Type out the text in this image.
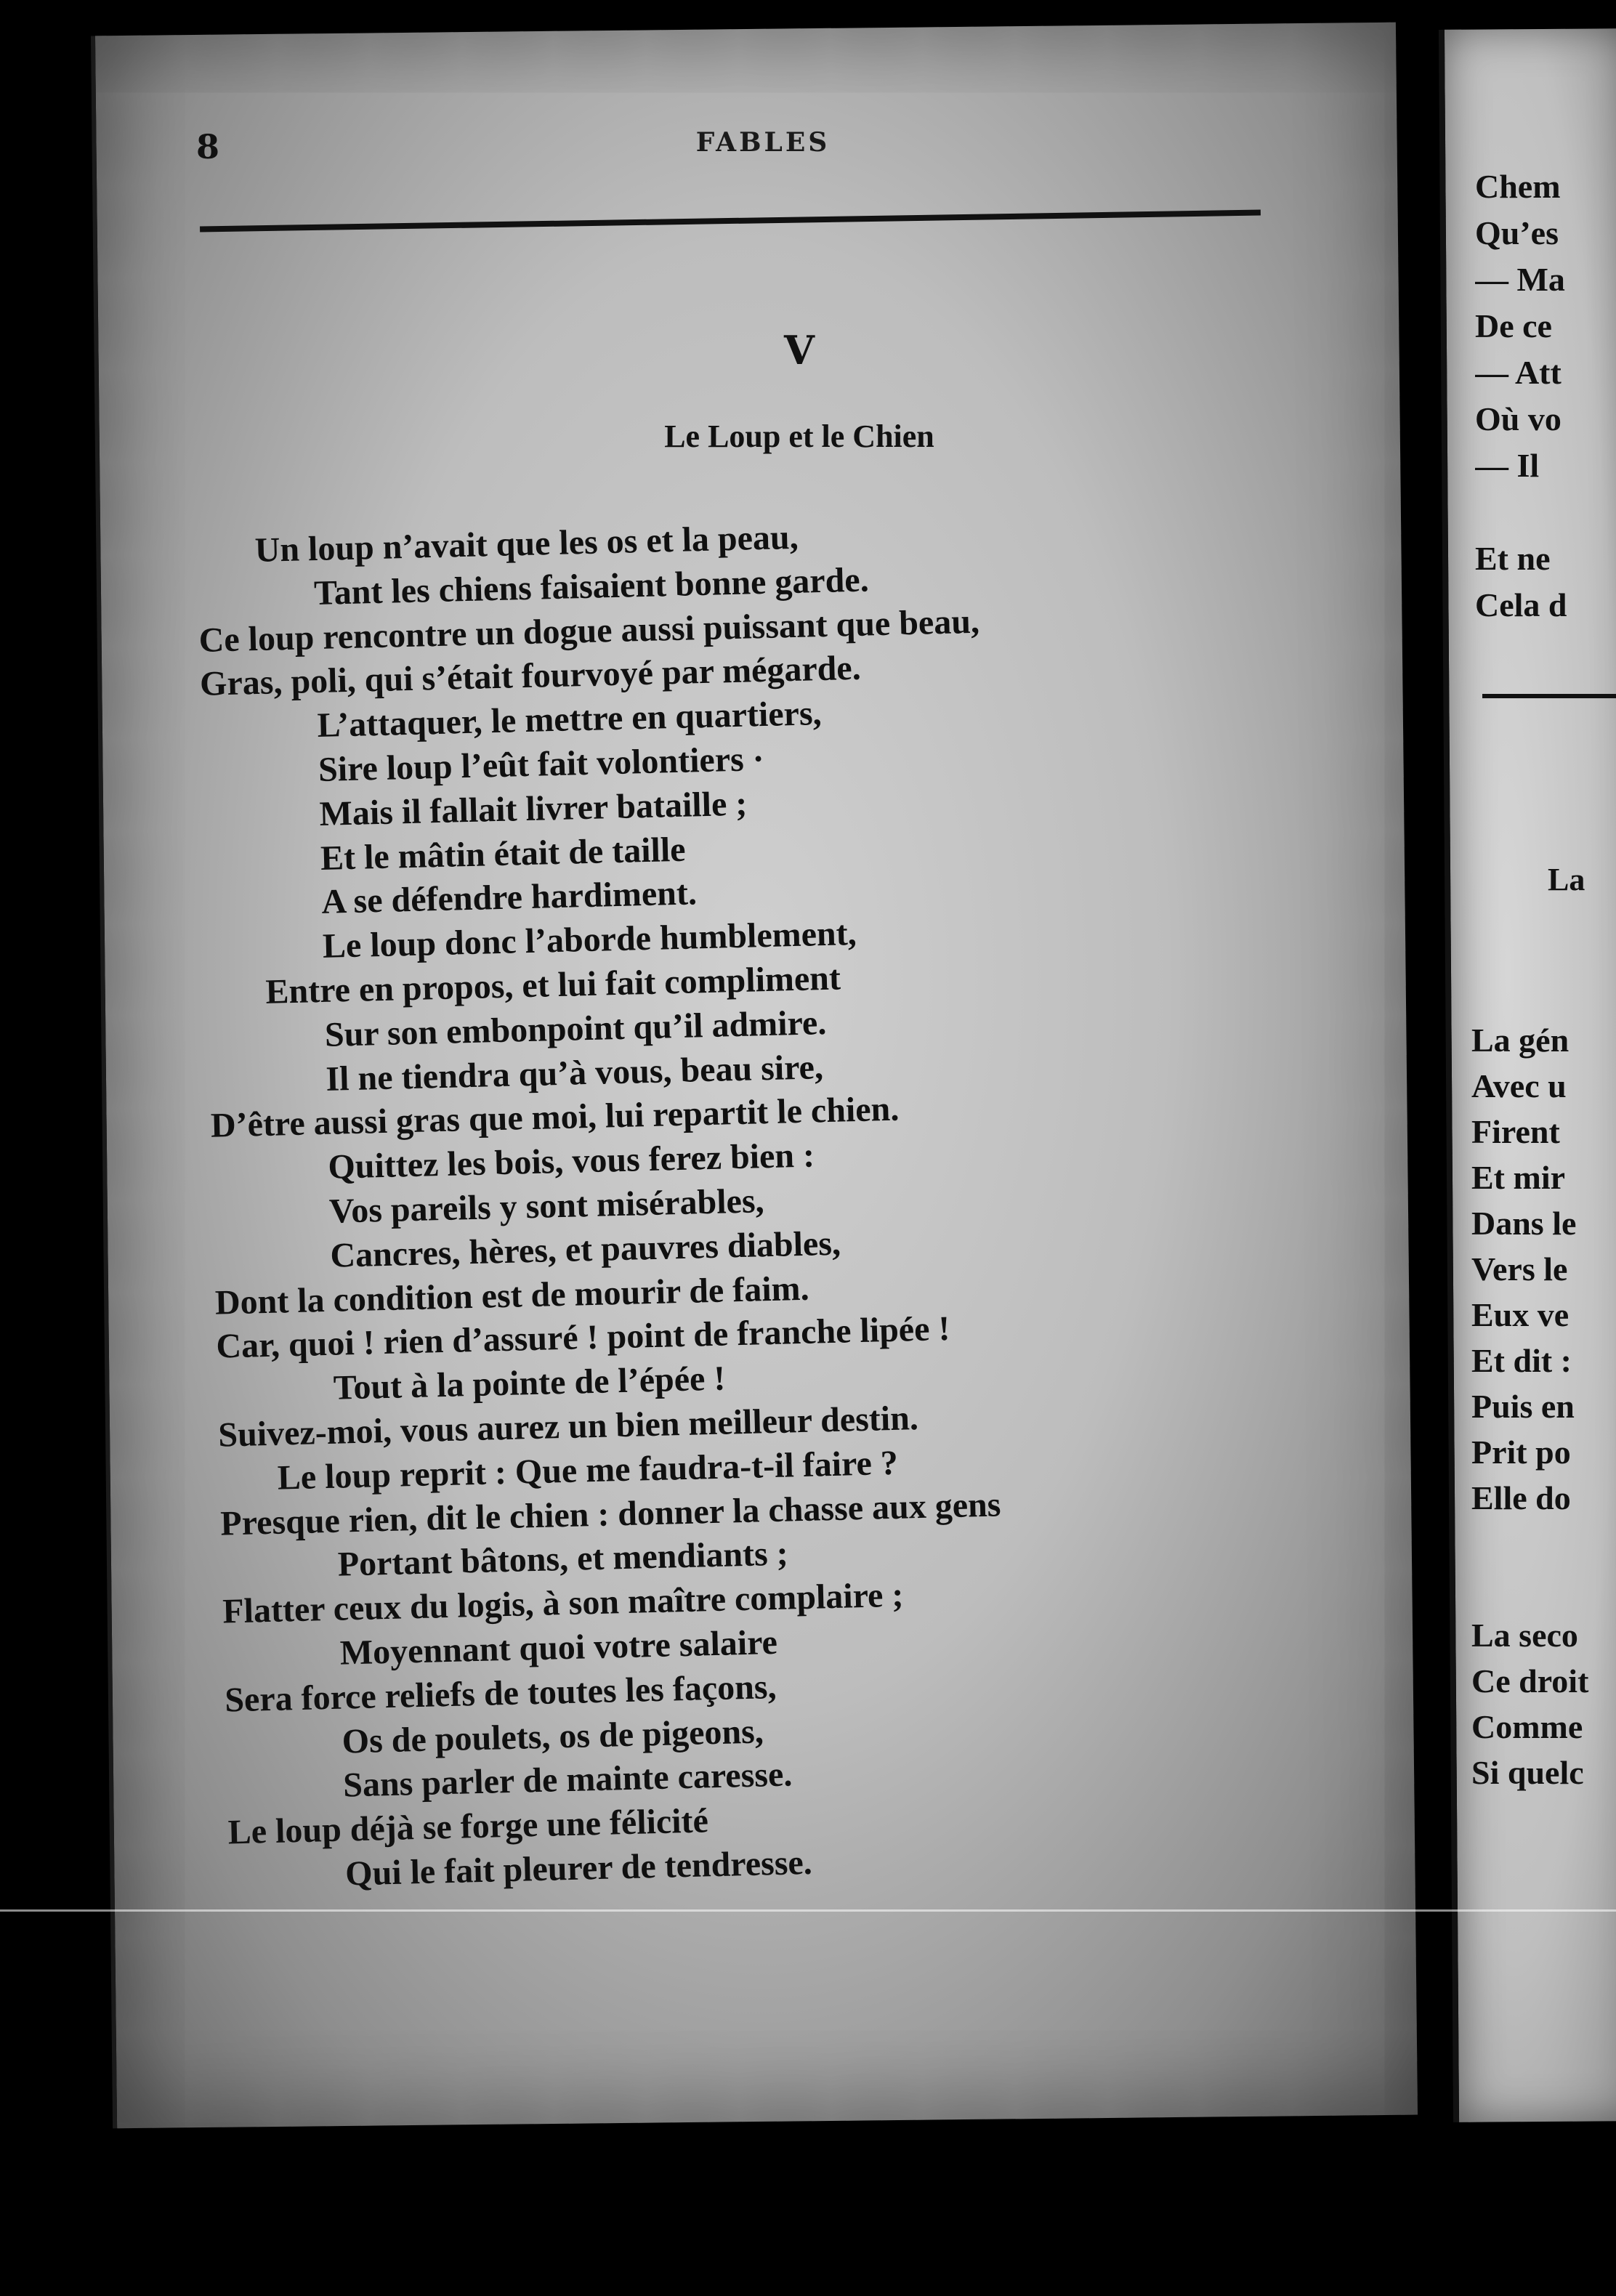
8	FABLES
V
Le Loup et le Chien
Un loup n’avait que les os et la peau,
Tant les chiens faisaient bonne garde.
Ce loup rencontre un dogue aussi puissant que beau,
Gras, poli, qui s’était fourvoyé par mégarde.
L’attaquer, le mettre en quartiers,
Sire loup l’eût fait volontiers ·
Mais il fallait livrer bataille ;
Et le mâtin était de taille
A se défendre hardiment.
Le loup donc l’aborde humblement,
Entre en propos, et lui fait compliment
Sur son embonpoint qu’il admire.
Il ne tiendra qu’à vous, beau sire,
D’être aussi gras que moi, lui repartit le chien.
Quittez les bois, vous ferez bien :
Vos pareils y sont misérables,
Cancres, hères, et pauvres diables,
Dont la condition est de mourir de faim.
Car, quoi ! rien d’assuré ! point de franche lipée !
Tout à la pointe de l’épée !
Suivez-moi, vous aurez un bien meilleur destin.
Le loup reprit : Que me faudra-t-il faire ?
Presque rien, dit le chien : donner la chasse aux gens
Portant bâtons, et mendiants ;
Flatter ceux du logis, à son maître complaire ;
Moyennant quoi votre salaire
Sera force reliefs de toutes les façons,
Os de poulets, os de pigeons,
Sans parler de mainte caresse.
Le loup déjà se forge une félicité
Qui le fait pleurer de tendresse.
Chem
Qu’es
— Ma
De ce
— Att
Où vo
— Il

Et ne
Cela d
La
La gén
Avec u
Firent
Et mir
Dans le
Vers le
Eux ve
Et dit :
Puis en
Prit po
Elle do

La seco
Ce droit
Comme
Si quelc
